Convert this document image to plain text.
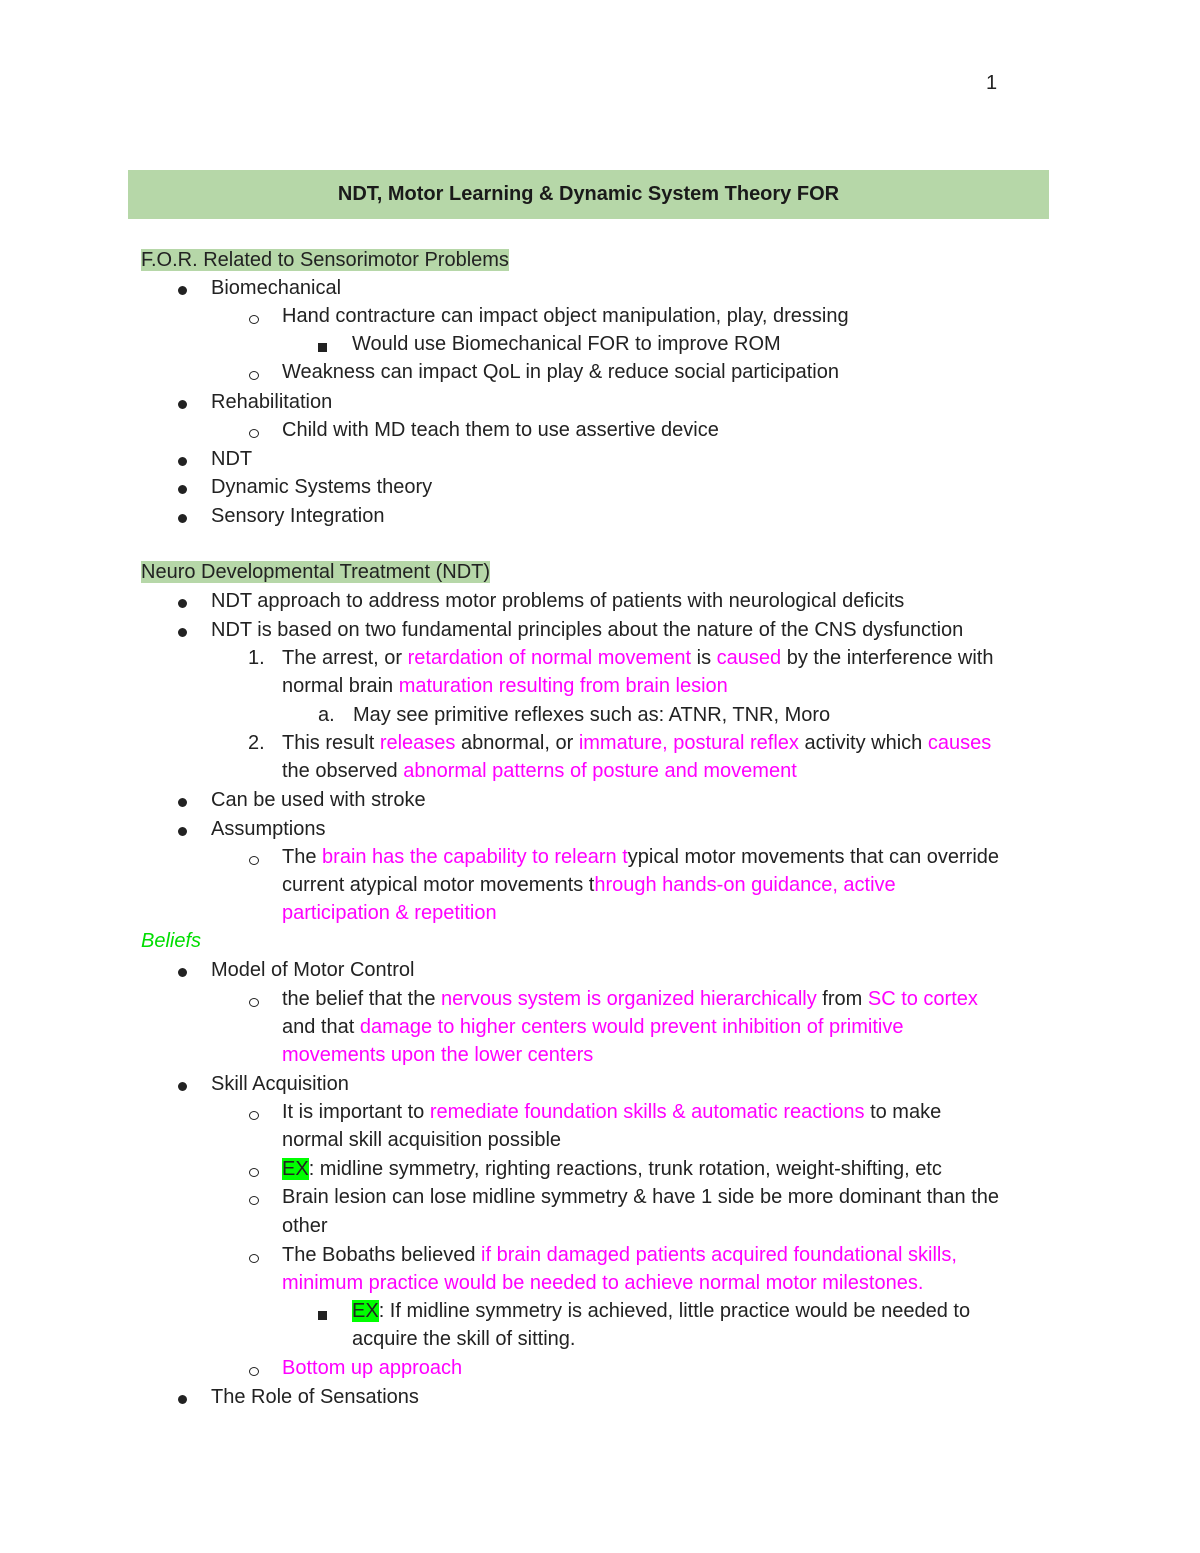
1
NDT, Motor Learning & Dynamic System Theory FOR
F.O.R. Related to Sensorimotor Problems
Biomechanical
Hand contracture can impact object manipulation, play, dressing
Would use Biomechanical FOR to improve ROM
Weakness can impact QoL in play & reduce social participation
Rehabilitation
Child with MD teach them to use assertive device
NDT
Dynamic Systems theory
Sensory Integration
Neuro Developmental Treatment (NDT)
NDT approach to address motor problems of patients with neurological deficits
NDT is based on two fundamental principles about the nature of the CNS dysfunction
1. The arrest, or retardation of normal movement is caused by the interference with
normal brain maturation resulting from brain lesion
a. May see primitive reflexes such as: ATNR, TNR, Moro
2. This result releases abnormal, or immature, postural reflex activity which causes
the observed abnormal patterns of posture and movement
Can be used with stroke
Assumptions
The brain has the capability to relearn typical motor movements that can override
current atypical motor movements through hands-on guidance, active
participation & repetition
Beliefs
Model of Motor Control
the belief that the nervous system is organized hierarchically from SC to cortex
and that damage to higher centers would prevent inhibition of primitive
movements upon the lower centers
Skill Acquisition
It is important to remediate foundation skills & automatic reactions to make
normal skill acquisition possible
EX: midline symmetry, righting reactions, trunk rotation, weight-shifting, etc
Brain lesion can lose midline symmetry & have 1 side be more dominant than the
other
The Bobaths believed if brain damaged patients acquired foundational skills,
minimum practice would be needed to achieve normal motor milestones.
EX: If midline symmetry is achieved, little practice would be needed to
acquire the skill of sitting.
Bottom up approach
The Role of Sensations
